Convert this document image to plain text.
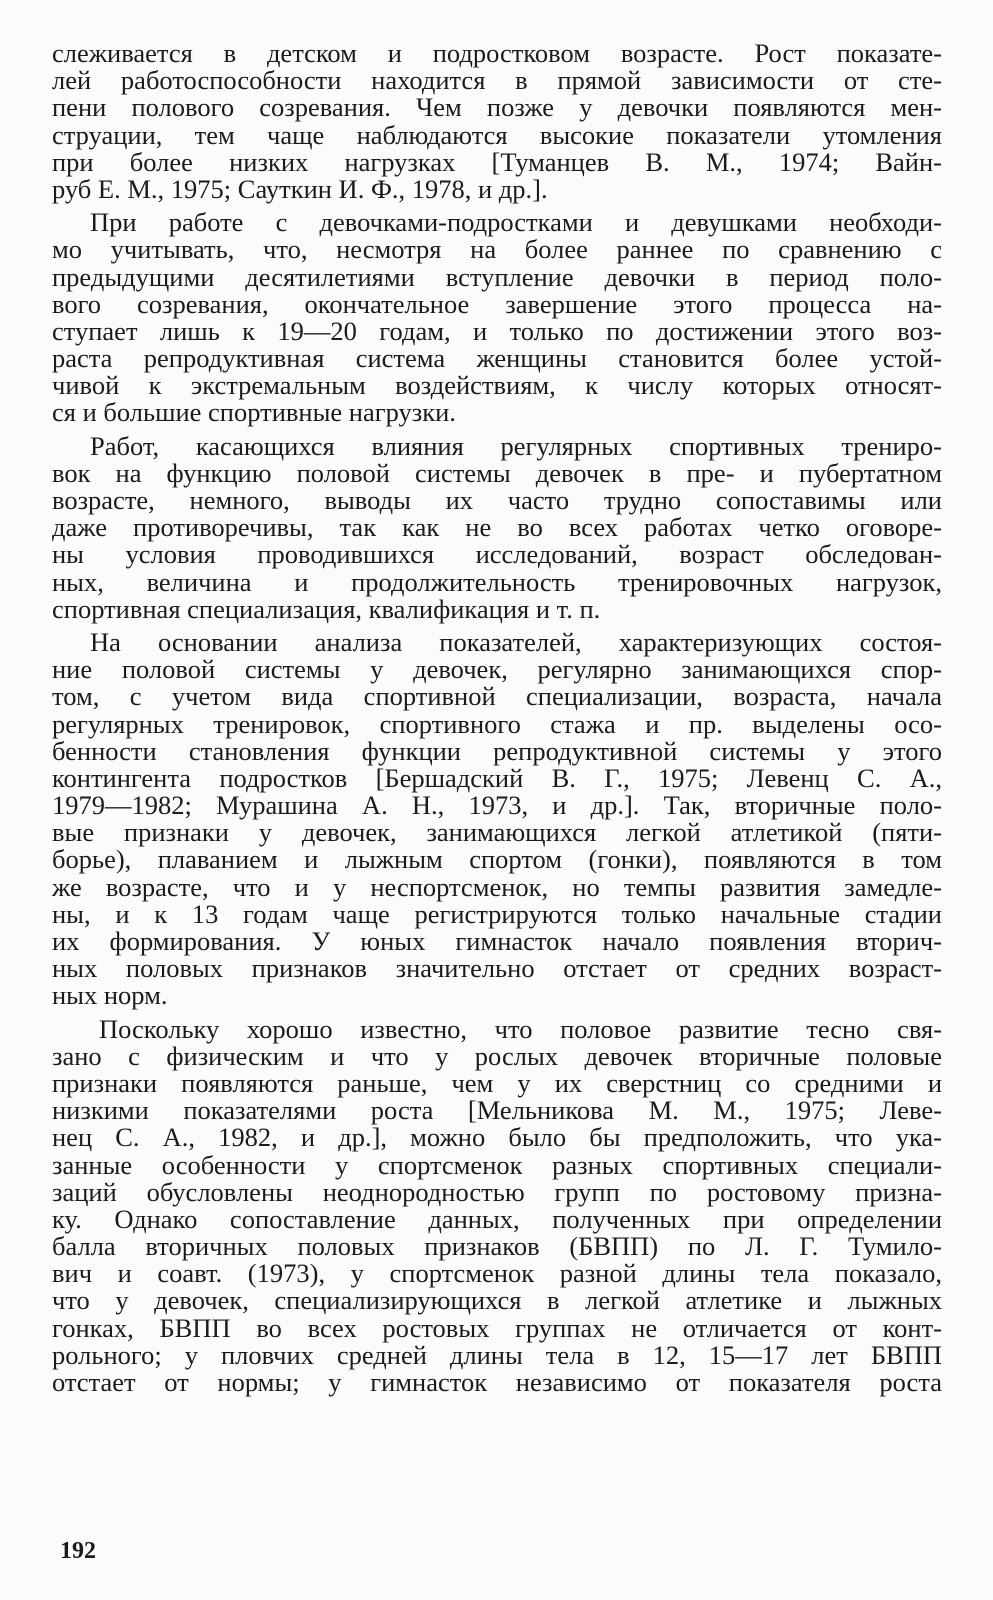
слеживается в детском и подростковом возрасте. Рост показате-
лей работоспособности находится в прямой зависимости от сте-
пени полового созревания. Чем позже у девочки появляются мен-
струации, тем чаще наблюдаются высокие показатели утомления
при более низких нагрузках [Туманцев В. М., 1974; Вайн-
руб Е. М., 1975; Сауткин И. Ф., 1978, и др.].
При работе с девочками-подростками и девушками необходи-
мо учитывать, что, несмотря на более раннее по сравнению с
предыдущими десятилетиями вступление девочки в период поло-
вого созревания, окончательное завершение этого процесса на-
ступает лишь к 19—20 годам, и только по достижении этого воз-
раста репродуктивная система женщины становится более устой-
чивой к экстремальным воздействиям, к числу которых относят-
ся и большие спортивные нагрузки.
Работ, касающихся влияния регулярных спортивных трениро-
вок на функцию половой системы девочек в пре- и пубертатном
возрасте, немного, выводы их часто трудно сопоставимы или
даже противоречивы, так как не во всех работах четко оговоре-
ны условия проводившихся исследований, возраст обследован-
ных, величина и продолжительность тренировочных нагрузок,
спортивная специализация, квалификация и т. п.
На основании анализа показателей, характеризующих состоя-
ние половой системы у девочек, регулярно занимающихся спор-
том, с учетом вида спортивной специализации, возраста, начала
регулярных тренировок, спортивного стажа и пр. выделены осо-
бенности становления функции репродуктивной системы у этого
контингента подростков [Бершадский В. Г., 1975; Левенц С. А.,
1979—1982; Мурашина А. Н., 1973, и др.]. Так, вторичные поло-
вые признаки у девочек, занимающихся легкой атлетикой (пяти-
борье), плаванием и лыжным спортом (гонки), появляются в том
же возрасте, что и у неспортсменок, но темпы развития замедле-
ны, и к 13 годам чаще регистрируются только начальные стадии
их формирования. У юных гимнасток начало появления вторич-
ных половых признаков значительно отстает от средних возраст-
ных норм.
Поскольку хорошо известно, что половое развитие тесно свя-
зано с физическим и что у рослых девочек вторичные половые
признаки появляются раньше, чем у их сверстниц со средними и
низкими показателями роста [Мельникова М. М., 1975; Леве-
нец С. А., 1982, и др.], можно было бы предположить, что ука-
занные особенности у спортсменок разных спортивных специали-
заций обусловлены неоднородностью групп по ростовому призна-
ку. Однако сопоставление данных, полученных при определении
балла вторичных половых признаков (БВПП) по Л. Г. Тумило-
вич и соавт. (1973), у спортсменок разной длины тела показало,
что у девочек, специализирующихся в легкой атлетике и лыжных
гонках, БВПП во всех ростовых группах не отличается от конт-
рольного; у пловчих средней длины тела в 12, 15—17 лет БВПП
отстает от нормы; у гимнасток независимо от показателя роста
192
